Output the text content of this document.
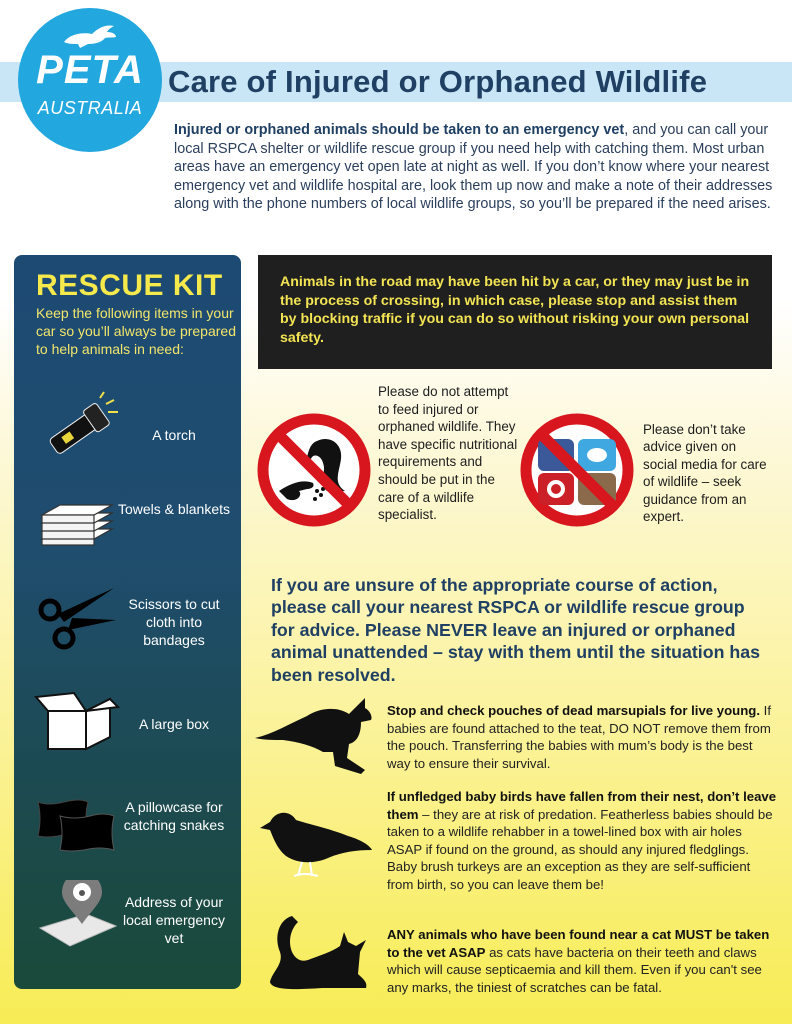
PETA
AUSTRALIA
Care of Injured or Orphaned Wildlife
Injured or orphaned animals should be taken to an emergency vet, and you can call your local RSPCA shelter or wildlife rescue group if you need help with catching them. Most urban areas have an emergency vet open late at night as well. If you don’t know where your nearest emergency vet and wildlife hospital are, look them up now and make a note of their addresses along with the phone numbers of local wildlife groups, so you’ll be prepared if the need arises.
RESCUE KIT
Keep the following items in your car so you’ll always be prepared to help animals in need:
A torch
Towels & blankets
Scissors to cut cloth into bandages
A large box
A pillowcase for catching snakes
Address of your local emergency vet
Animals in the road may have been hit by a car, or they may just be in the process of crossing, in which case, please stop and assist them by blocking traffic if you can do so without risking your own personal safety.
Please do not attempt to feed injured or orphaned wildlife. They have specific nutritional requirements and should be put in the care of a wildlife specialist.
Please don’t take advice given on social media for care of wildlife – seek guidance from an expert.
If you are unsure of the appropriate course of action, please call your nearest RSPCA or wildlife rescue group for advice. Please NEVER leave an injured or orphaned animal unattended – stay with them until the situation has been resolved.
Stop and check pouches of dead marsupials for live young. If babies are found attached to the teat, DO NOT remove them from the pouch. Transferring the babies with mum’s body is the best way to ensure their survival.
If unfledged baby birds have fallen from their nest, don’t leave them – they are at risk of predation. Featherless babies should be taken to a wildlife rehabber in a towel-lined box with air holes ASAP if found on the ground, as should any injured fledglings. Baby brush turkeys are an exception as they are self-sufficient from birth, so you can leave them be!
ANY animals who have been found near a cat MUST be taken to the vet ASAP as cats have bacteria on their teeth and claws which will cause septicaemia and kill them. Even if you can't see any marks, the tiniest of scratches can be fatal.
